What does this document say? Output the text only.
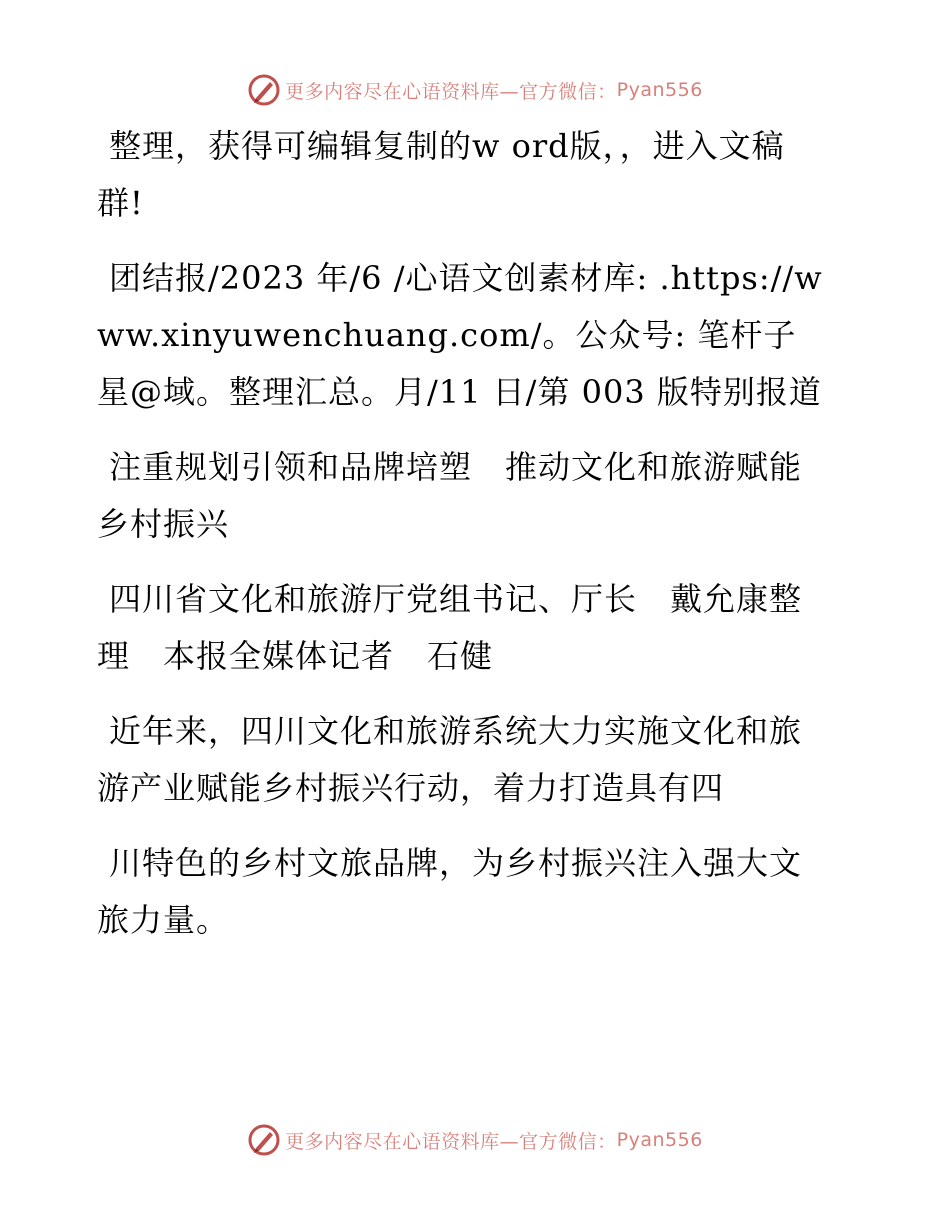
更多内容尽在心语资料库—官方微信： Pyan556

整理，获得可编辑复制的w ord版，，进入文稿群!

团结报/2023 年/6 /心语文创素材库: .https://www.xinyuwenchuang.com/。公众号: 笔杆子星@域。整理汇总。月/11 日/第 003 版特别报道

注重规划引领和品牌培塑　推动文化和旅游赋能乡村振兴

四川省文化和旅游厅党组书记、厅长　戴允康整理　本报全媒体记者　石健

近年来，四川文化和旅游系统大力实施文化和旅游产业赋能乡村振兴行动，着力打造具有四

川特色的乡村文旅品牌，为乡村振兴注入强大文旅力量。

更多内容尽在心语资料库—官方微信： Pyan556
